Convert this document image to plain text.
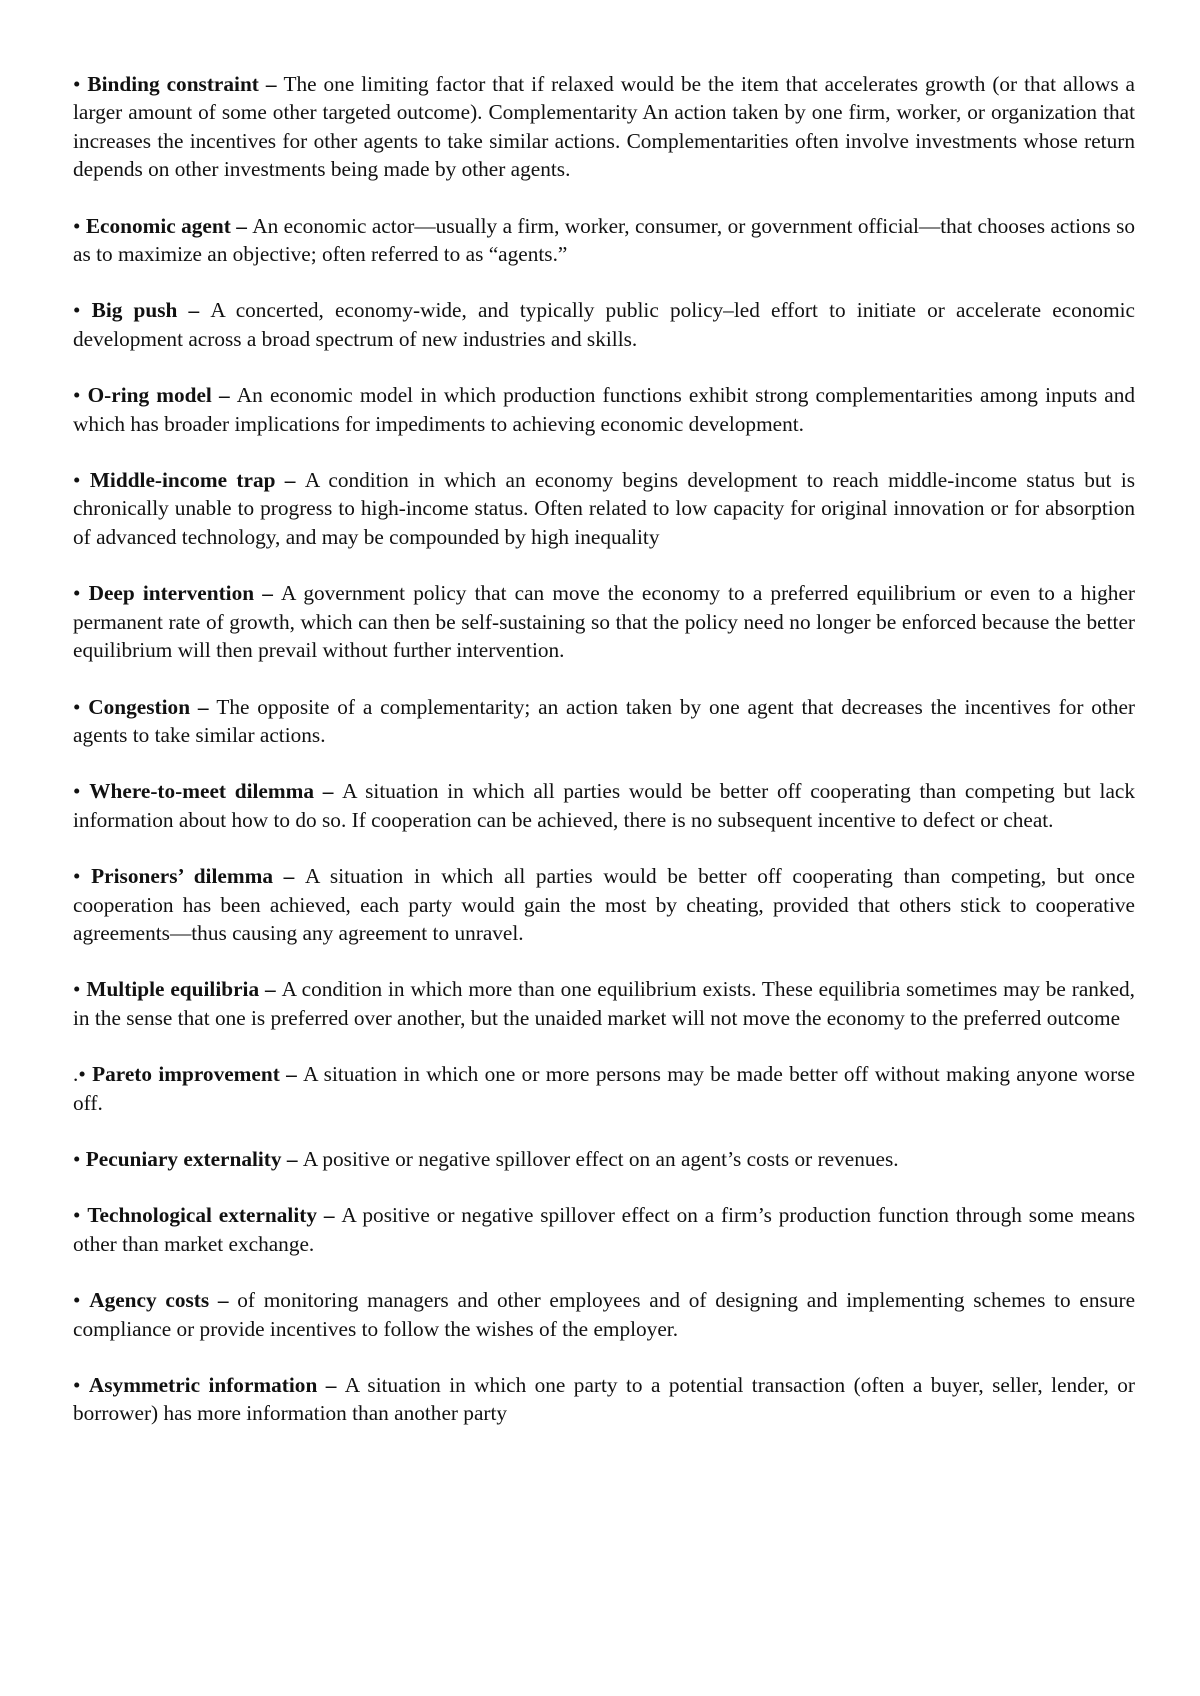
• Binding constraint – The one limiting factor that if relaxed would be the item that accelerates growth (or that allows a larger amount of some other targeted outcome). Complementarity An action taken by one firm, worker, or organization that increases the incentives for other agents to take similar actions. Complementarities often involve investments whose return depends on other investments being made by other agents.

• Economic agent – An economic actor—usually a firm, worker, consumer, or government official—that chooses actions so as to maximize an objective; often referred to as “agents.”

• Big push – A concerted, economy-wide, and typically public policy–led effort to initiate or accelerate economic development across a broad spectrum of new industries and skills.

• O-ring model – An economic model in which production functions exhibit strong complementarities among inputs and which has broader implications for impediments to achieving economic development.

• Middle-income trap – A condition in which an economy begins development to reach middle-income status but is chronically unable to progress to high-income status. Often related to low capacity for original innovation or for absorption of advanced technology, and may be compounded by high inequality

• Deep intervention – A government policy that can move the economy to a preferred equilibrium or even to a higher permanent rate of growth, which can then be self-sustaining so that the policy need no longer be enforced because the better equilibrium will then prevail without further intervention.

• Congestion – The opposite of a complementarity; an action taken by one agent that decreases the incentives for other agents to take similar actions.

• Where-to-meet dilemma – A situation in which all parties would be better off cooperating than competing but lack information about how to do so. If cooperation can be achieved, there is no subsequent incentive to defect or cheat.

• Prisoners’ dilemma – A situation in which all parties would be better off cooperating than competing, but once cooperation has been achieved, each party would gain the most by cheating, provided that others stick to cooperative agreements—thus causing any agreement to unravel.

• Multiple equilibria – A condition in which more than one equilibrium exists. These equilibria sometimes may be ranked, in the sense that one is preferred over another, but the unaided market will not move the economy to the preferred outcome

.• Pareto improvement – A situation in which one or more persons may be made better off without making anyone worse off.

• Pecuniary externality – A positive or negative spillover effect on an agent’s costs or revenues.

• Technological externality – A positive or negative spillover effect on a firm’s production function through some means other than market exchange.

• Agency costs – of monitoring managers and other employees and of designing and implementing schemes to ensure compliance or provide incentives to follow the wishes of the employer.

• Asymmetric information – A situation in which one party to a potential transaction (often a buyer, seller, lender, or borrower) has more information than another party
